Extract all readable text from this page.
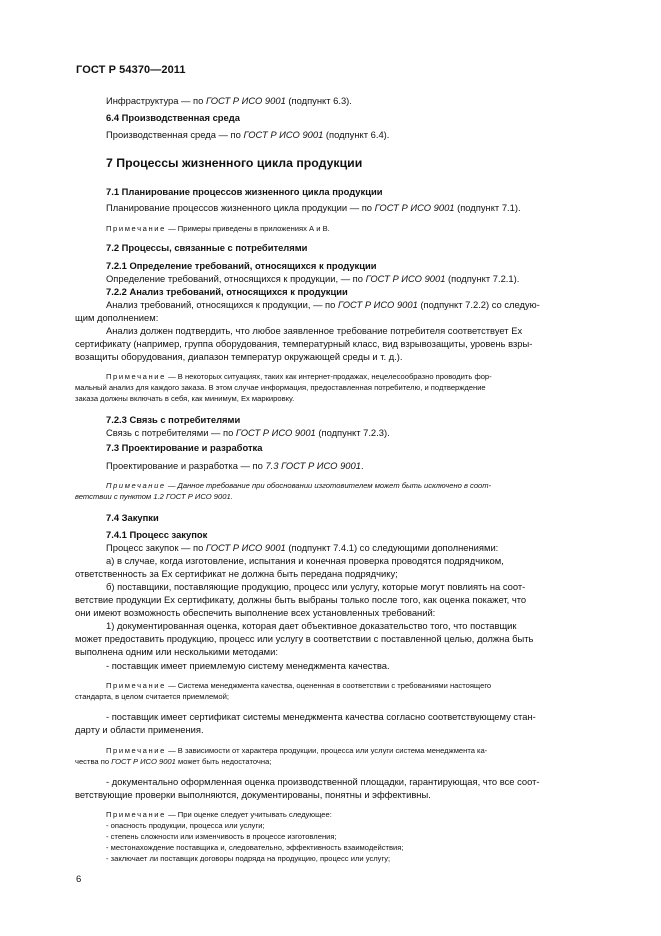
ГОСТ Р 54370—2011

Инфраструктура — по ГОСТ Р ИСО 9001 (подпункт 6.3).

6.4 Производственная среда

Производственная среда — по ГОСТ Р ИСО 9001 (подпункт 6.4).

7 Процессы жизненного цикла продукции

7.1 Планирование процессов жизненного цикла продукции

Планирование процессов жизненного цикла продукции — по ГОСТ Р ИСО 9001 (подпункт 7.1).

Примечание — Примеры приведены в приложениях А и В.

7.2 Процессы, связанные с потребителями

7.2.1 Определение требований, относящихся к продукции

Определение требований, относящихся к продукции, — по ГОСТ Р ИСО 9001 (подпункт 7.2.1).

7.2.2 Анализ требований, относящихся к продукции

Анализ требований, относящихся к продукции, — по ГОСТ Р ИСО 9001 (подпункт 7.2.2) со следую-

щим дополнением:

Анализ должен подтвердить, что любое заявленное требование потребителя соответствует Ex

сертификату (например, группа оборудования, температурный класс, вид взрывозащиты, уровень взры-

возащиты оборудования, диапазон температур окружающей среды и т. д.).

Примечание — В некоторых ситуациях, таких как интернет-продажах, нецелесообразно проводить фор-

мальный анализ для каждого заказа. В этом случае информация, предоставленная потребителю, и подтверждение

заказа должны включать в себя, как минимум, Ex маркировку.

7.2.3 Связь с потребителями

Связь с потребителями — по ГОСТ Р ИСО 9001 (подпункт 7.2.3).

7.3 Проектирование и разработка

Проектирование и разработка — по 7.3 ГОСТ Р ИСО 9001.

Примечание — Данное требование при обосновании изготовителем может быть исключено в соот-

ветствии с пунктом 1.2 ГОСТ Р ИСО 9001.

7.4 Закупки

7.4.1 Процесс закупок

Процесс закупок — по ГОСТ Р ИСО 9001 (подпункт 7.4.1) со следующими дополнениями:

а) в случае, когда изготовление, испытания и конечная проверка проводятся подрядчиком,

ответственность за Ex сертификат не должна быть передана подрядчику;

б) поставщики, поставляющие продукцию, процесс или услугу, которые могут повлиять на соот-

ветствие продукции Ex сертификату, должны быть выбраны только после того, как оценка покажет, что

они имеют возможность обеспечить выполнение всех установленных требований:

1) документированная оценка, которая дает объективное доказательство того, что поставщик

может предоставить продукцию, процесс или услугу в соответствии с поставленной целью, должна быть

выполнена одним или несколькими методами:

- поставщик имеет приемлемую систему менеджмента качества.

Примечание — Система менеджмента качества, оцененная в соответствии с требованиями настоящего

стандарта, в целом считается приемлемой;

- поставщик имеет сертификат системы менеджмента качества согласно соответствующему стан-

дарту и области применения.

Примечание — В зависимости от характера продукции, процесса или услуги система менеджмента ка-

чества по ГОСТ Р ИСО 9001 может быть недостаточна;

- документально оформленная оценка производственной площадки, гарантирующая, что все соот-

ветствующие проверки выполняются, документированы, понятны и эффективны.

Примечание — При оценке следует учитывать следующее:

- опасность продукции, процесса или услуги;

- степень сложности или изменчивость в процессе изготовления;

- местонахождение поставщика и, следовательно, эффективность взаимодействия;

- заключает ли поставщик договоры подряда на продукцию, процесс или услугу;

6
